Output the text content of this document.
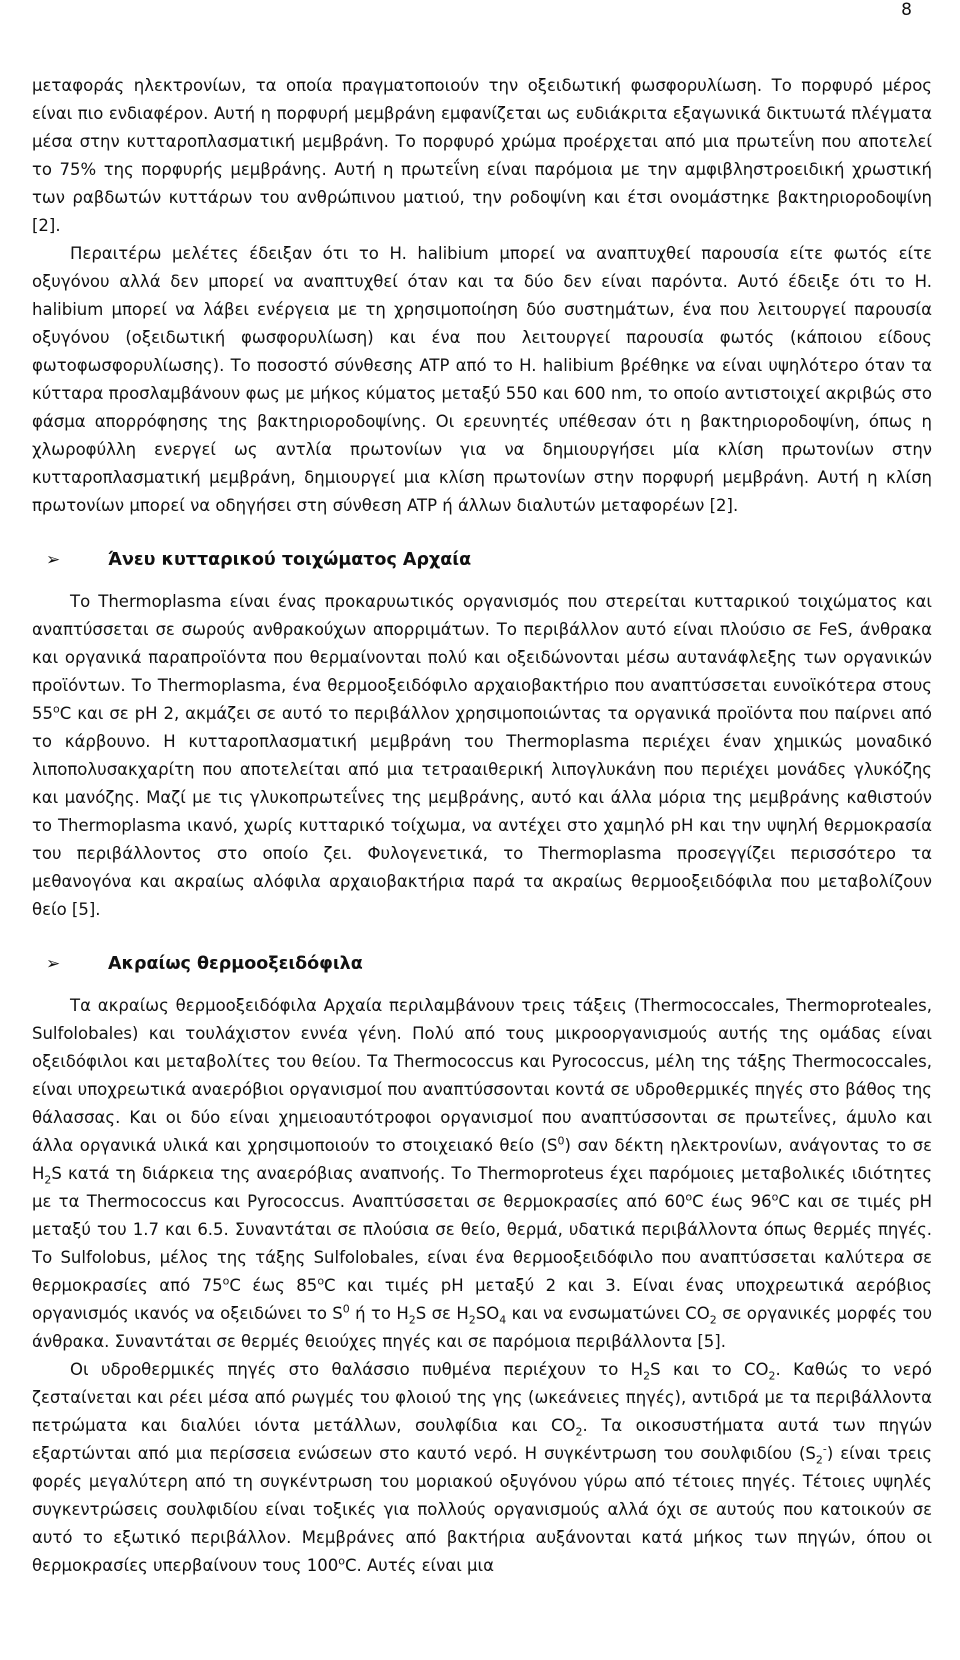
8

μεταφοράς ηλεκτρονίων, τα οποία πραγματοποιούν την οξειδωτική φωσφορυλίωση. Το πορφυρό μέρος είναι πιο ενδιαφέρον. Αυτή η πορφυρή μεμβράνη εμφανίζεται ως ευδιάκριτα εξαγωνικά δικτυωτά πλέγματα μέσα στην κυτταροπλασματική μεμβράνη. Το πορφυρό χρώμα προέρχεται από μια πρωτεΐνη που αποτελεί το 75% της πορφυρής μεμβράνης. Αυτή η πρωτεΐνη είναι παρόμοια με την αμφιβληστροειδική χρωστική των ραβδωτών κυττάρων του ανθρώπινου ματιού, την ροδοψίνη και έτσι ονομάστηκε βακτηριοροδοψίνη [2].

Περαιτέρω μελέτες έδειξαν ότι το H. halibium μπορεί να αναπτυχθεί παρουσία είτε φωτός είτε οξυγόνου αλλά δεν μπορεί να αναπτυχθεί όταν και τα δύο δεν είναι παρόντα. Αυτό έδειξε ότι το H. halibium μπορεί να λάβει ενέργεια με τη χρησιμοποίηση δύο συστημάτων, ένα που λειτουργεί παρουσία οξυγόνου (οξειδωτική φωσφορυλίωση) και ένα που λειτουργεί παρουσία φωτός (κάποιου είδους φωτοφωσφορυλίωσης). Το ποσοστό σύνθεσης ATP από το H. halibium βρέθηκε να είναι υψηλότερο όταν τα κύτταρα προσλαμβάνουν φως με μήκος κύματος μεταξύ 550 και 600 nm, το οποίο αντιστοιχεί ακριβώς στο φάσμα απορρόφησης της βακτηριοροδοψίνης. Οι ερευνητές υπέθεσαν ότι η βακτηριοροδοψίνη, όπως η χλωροφύλλη ενεργεί ως αντλία πρωτονίων για να δημιουργήσει μία κλίση πρωτονίων στην κυτταροπλασματική μεμβράνη, δημιουργεί μια κλίση πρωτονίων στην πορφυρή μεμβράνη. Αυτή η κλίση πρωτονίων μπορεί να οδηγήσει στη σύνθεση ATP ή άλλων διαλυτών μεταφορέων [2].

➢	Άνευ κυτταρικού τοιχώματος Αρχαία

Το Thermoplasma είναι ένας προκαρυωτικός οργανισμός που στερείται κυτταρικού τοιχώματος και αναπτύσσεται σε σωρούς ανθρακούχων απορριμάτων. Το περιβάλλον αυτό είναι πλούσιο σε FeS, άνθρακα και οργανικά παραπροϊόντα που θερμαίνονται πολύ και οξειδώνονται μέσω αυτανάφλεξης των οργανικών προϊόντων. Το Thermoplasma, ένα θερμοοξειδόφιλο αρχαιοβακτήριο που αναπτύσσεται ευνοϊκότερα στους 55$^o$C και σε pH 2, ακμάζει σε αυτό το περιβάλλον χρησιμοποιώντας τα οργανικά προϊόντα που παίρνει από το κάρβουνο. Η κυτταροπλασματική μεμβράνη του Thermoplasma περιέχει έναν χημικώς μοναδικό λιποπολυσακχαρίτη που αποτελείται από μια τετρααιθερική λιπογλυκάνη που περιέχει μονάδες γλυκόζης και μανόζης. Μαζί με τις γλυκοπρωτεΐνες της μεμβράνης, αυτό και άλλα μόρια της μεμβράνης καθιστούν το Thermoplasma ικανό, χωρίς κυτταρικό τοίχωμα, να αντέχει στο χαμηλό pH και την υψηλή θερμοκρασία του περιβάλλοντος στο οποίο ζει. Φυλογενετικά, το Thermoplasma προσεγγίζει περισσότερο τα μεθανογόνα και ακραίως αλόφιλα αρχαιοβακτήρια παρά τα ακραίως θερμοοξειδόφιλα που μεταβολίζουν θείο [5].

➢	Ακραίως θερμοοξειδόφιλα

Τα ακραίως θερμοοξειδόφιλα Αρχαία περιλαμβάνουν τρεις τάξεις (Thermococcales, Thermoproteales, Sulfolobales) και τουλάχιστον εννέα γένη. Πολύ από τους μικροοργανισμούς αυτής της ομάδας είναι οξειδόφιλοι και μεταβολίτες του θείου. Τα Thermococcus και Pyrococcus, μέλη της τάξης Thermococcales, είναι υποχρεωτικά αναερόβιοι οργανισμοί που αναπτύσσονται κοντά σε υδροθερμικές πηγές στο βάθος της θάλασσας. Και οι δύο είναι χημειοαυτότροφοι οργανισμοί που αναπτύσσονται σε πρωτεΐνες, άμυλο και άλλα οργανικά υλικά και χρησιμοποιούν το στοιχειακό θείο $(S^0)$ σαν δέκτη ηλεκτρονίων, ανάγοντας το σε $H_2S$ κατά τη διάρκεια της αναερόβιας αναπνοής. Το Thermoproteus έχει παρόμοιες μεταβολικές ιδιότητες με τα Thermococcus και Pyrococcus. Αναπτύσσεται σε θερμοκρασίες από 60$^o$C έως 96$^o$C και σε τιμές pH μεταξύ του 1.7 και 6.5. Συναντάται σε πλούσια σε θείο, θερμά, υδατικά περιβάλλοντα όπως θερμές πηγές. Το Sulfolobus, μέλος της τάξης Sulfolobales, είναι ένα θερμοοξειδόφιλο που αναπτύσσεται καλύτερα σε θερμοκρασίες από 75$^o$C έως 85$^o$C και τιμές pH μεταξύ 2 και 3. Είναι ένας υποχρεωτικά αερόβιος οργανισμός ικανός να οξειδώνει το $S^0$ ή το $H_2S$ σε $H_2SO_4$ και να ενσωματώνει $CO_2$ σε οργανικές μορφές του άνθρακα. Συναντάται σε θερμές θειούχες πηγές και σε παρόμοια περιβάλλοντα [5].

Οι υδροθερμικές πηγές στο θαλάσσιο πυθμένα περιέχουν το $H_2S$ και το $CO_2$. Καθώς το νερό ζεσταίνεται και ρέει μέσα από ρωγμές του φλοιού της γης (ωκεάνειες πηγές), αντιδρά με τα περιβάλλοντα πετρώματα και διαλύει ιόντα μετάλλων, σουλφίδια και $CO_2$. Τα οικοσυστήματα αυτά των πηγών εξαρτώνται από μια περίσσεια ενώσεων στο καυτό νερό. Η συγκέντρωση του σουλφιδίου $(S_2^-)$ είναι τρεις φορές μεγαλύτερη από τη συγκέντρωση του μοριακού οξυγόνου γύρω από τέτοιες πηγές. Τέτοιες υψηλές συγκεντρώσεις σουλφιδίου είναι τοξικές για πολλούς οργανισμούς αλλά όχι σε αυτούς που κατοικούν σε αυτό το εξωτικό περιβάλλον. Μεμβράνες από βακτήρια αυξάνονται κατά μήκος των πηγών, όπου οι θερμοκρασίες υπερβαίνουν τους 100$^o$C. Αυτές είναι μια
